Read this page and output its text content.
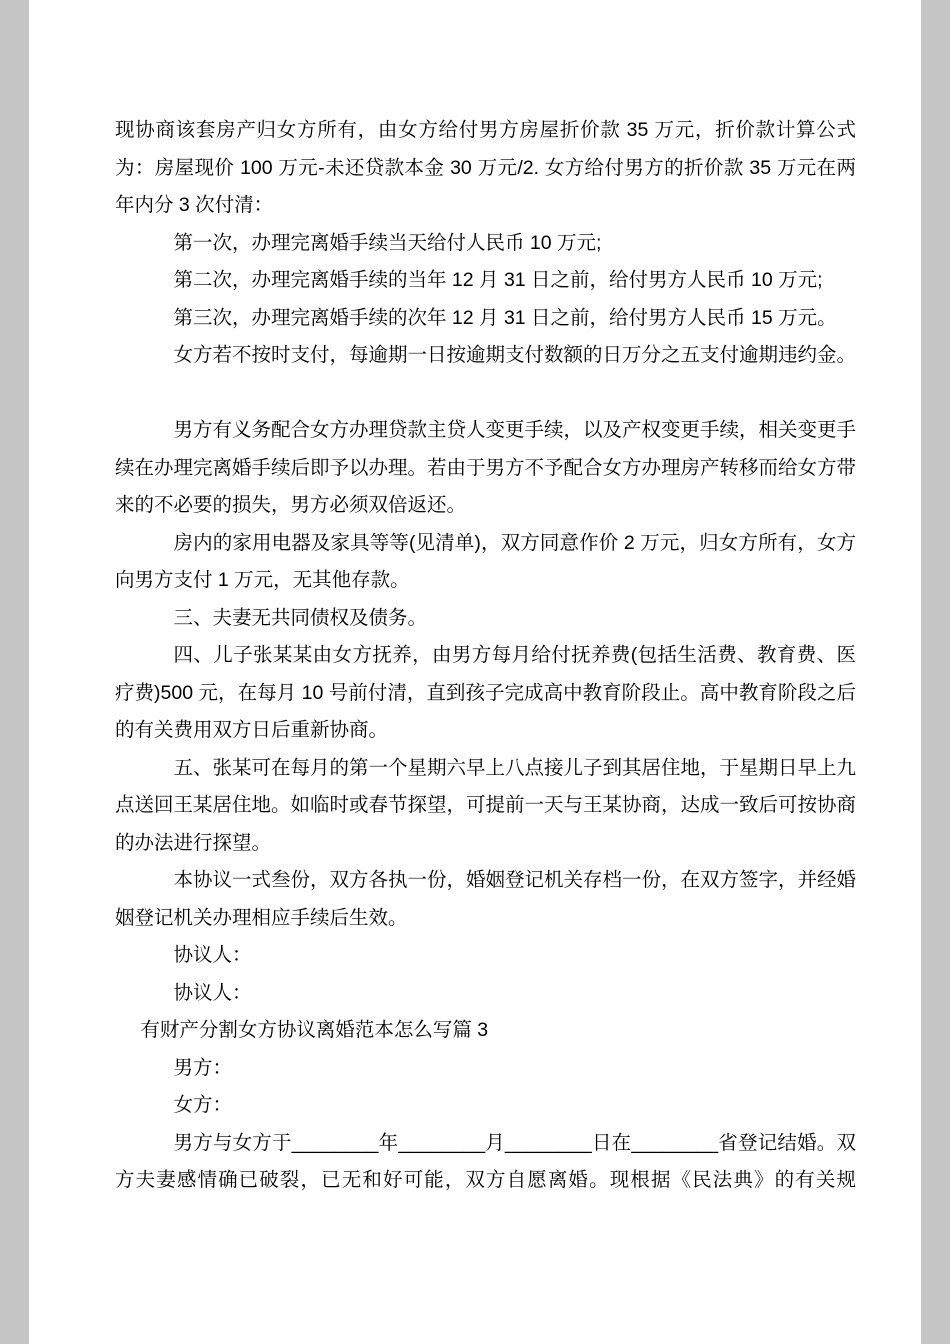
现协商该套房产归女方所有，由女方给付男方房屋折价款 35 万元，折价款计算公式为：房屋现价 100 万元-未还贷款本金 30 万元/2. 女方给付男方的折价款 35 万元在两年内分 3 次付清：

第一次，办理完离婚手续当天给付人民币 10 万元;

第二次，办理完离婚手续的当年 12 月 31 日之前，给付男方人民币 10 万元;

第三次，办理完离婚手续的次年 12 月 31 日之前，给付男方人民币 15 万元。

女方若不按时支付，每逾期一日按逾期支付数额的日万分之五支付逾期违约金。

男方有义务配合女方办理贷款主贷人变更手续，以及产权变更手续，相关变更手续在办理完离婚手续后即予以办理。若由于男方不予配合女方办理房产转移而给女方带来的不必要的损失，男方必须双倍返还。

房内的家用电器及家具等等(见清单)，双方同意作价 2 万元，归女方所有，女方向男方支付 1 万元，无其他存款。

三、夫妻无共同债权及债务。

四、儿子张某某由女方抚养，由男方每月给付抚养费(包括生活费、教育费、医疗费)500 元，在每月 10 号前付清，直到孩子完成高中教育阶段止。高中教育阶段之后的有关费用双方日后重新协商。

五、张某可在每月的第一个星期六早上八点接儿子到其居住地，于星期日早上九点送回王某居住地。如临时或春节探望，可提前一天与王某协商，达成一致后可按协商的办法进行探望。

本协议一式叁份，双方各执一份，婚姻登记机关存档一份，在双方签字，并经婚姻登记机关办理相应手续后生效。

协议人：

协议人：

有财产分割女方协议离婚范本怎么写篇 3

男方：

女方：

男方与女方于________年________月________日在________省登记结婚。双方夫妻感情确已破裂，已无和好可能，双方自愿离婚。现根据《民法典》的有关规
